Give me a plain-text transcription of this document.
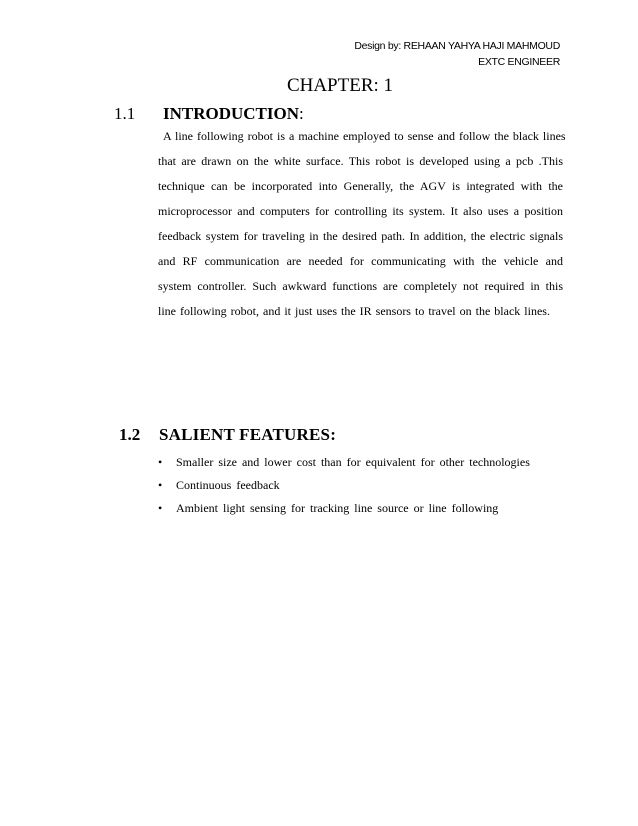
Design by: REHAAN YAHYA HAJI MAHMOUD
EXTC ENGINEER
CHAPTER: 1
1.1 INTRODUCTION:
A line following robot is a machine employed to sense and follow the black lines
that are drawn on the white surface. This robot is developed using a pcb .This
technique can be incorporated into Generally, the AGV is integrated with the
microprocessor and computers for controlling its system. It also uses a position
feedback system for traveling in the desired path. In addition, the electric signals
and RF communication are needed for communicating with the vehicle and
system controller. Such awkward functions are completely not required in this
line following robot, and it just uses the IR sensors to travel on the black lines.
1.2 SALIENT FEATURES:
• Smaller size and lower cost than for equivalent for other technologies
• Continuous feedback
• Ambient light sensing for tracking line source or line following
